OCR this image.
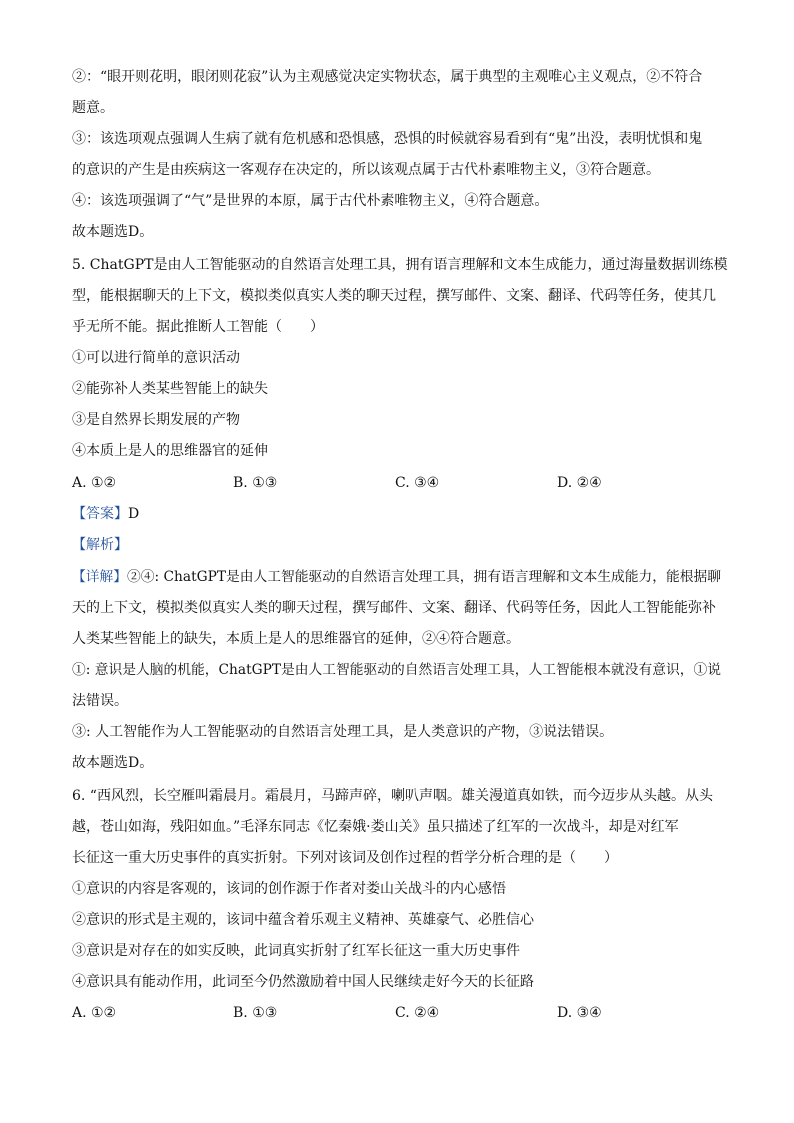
②：“眼开则花明，眼闭则花寂”认为主观感觉决定实物状态，属于典型的主观唯心主义观点，②不符合
题意。
③：该选项观点强调人生病了就有危机感和恐惧感，恐惧的时候就容易看到有“鬼”出没，表明忧惧和鬼
的意识的产生是由疾病这一客观存在决定的，所以该观点属于古代朴素唯物主义，③符合题意。
④：该选项强调了“气”是世界的本原，属于古代朴素唯物主义，④符合题意。
故本题选D。
5. ChatGPT是由人工智能驱动的自然语言处理工具，拥有语言理解和文本生成能力，通过海量数据训练模
型，能根据聊天的上下文，模拟类似真实人类的聊天过程，撰写邮件、文案、翻译、代码等任务，使其几
乎无所不能。据此推断人工智能（　　）
①可以进行简单的意识活动
②能弥补人类某些智能上的缺失
③是自然界长期发展的产物
④本质上是人的思维器官的延伸
A. ①②	B. ①③	C. ③④	D. ②④
【答案】D
【解析】
【详解】②④: ChatGPT是由人工智能驱动的自然语言处理工具，拥有语言理解和文本生成能力，能根据聊
天的上下文，模拟类似真实人类的聊天过程，撰写邮件、文案、翻译、代码等任务，因此人工智能能弥补
人类某些智能上的缺失，本质上是人的思维器官的延伸，②④符合题意。
①: 意识是人脑的机能，ChatGPT是由人工智能驱动的自然语言处理工具，人工智能根本就没有意识，①说
法错误。
③: 人工智能作为人工智能驱动的自然语言处理工具，是人类意识的产物，③说法错误。
故本题选D。
6. “西风烈，长空雁叫霜晨月。霜晨月，马蹄声碎，喇叭声咽。雄关漫道真如铁，而今迈步从头越。从头
越，苍山如海，残阳如血。”毛泽东同志《忆秦娥·娄山关》虽只描述了红军的一次战斗，却是对红军
长征这一重大历史事件的真实折射。下列对该词及创作过程的哲学分析合理的是（　　）
①意识的内容是客观的，该词的创作源于作者对娄山关战斗的内心感悟
②意识的形式是主观的，该词中蕴含着乐观主义精神、英雄豪气、必胜信心
③意识是对存在的如实反映，此词真实折射了红军长征这一重大历史事件
④意识具有能动作用，此词至今仍然激励着中国人民继续走好今天的长征路
A. ①②	B. ①③	C. ②④	D. ③④
